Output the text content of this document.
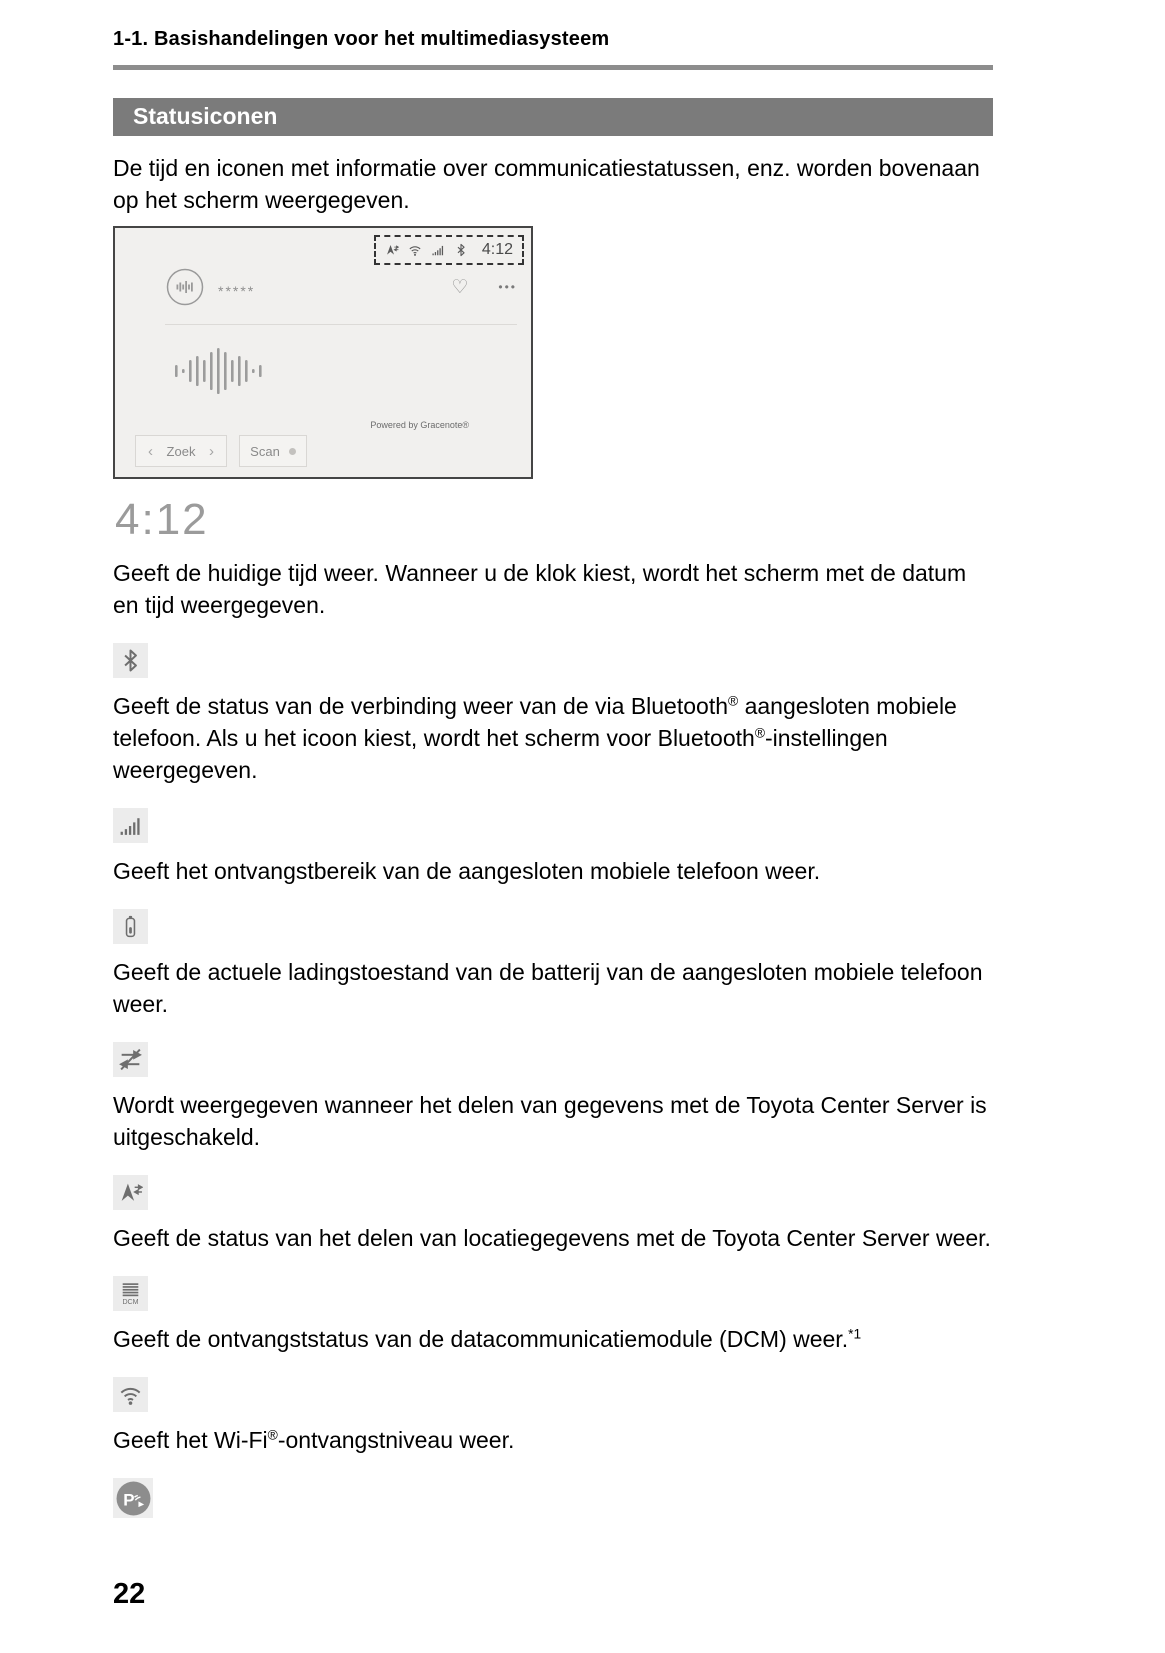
1-1. Basishandelingen voor het multimediasysteem
Statusiconen

De tijd en iconen met informatie over communicatiestatussen, enz. worden bovenaan op het scherm weergegeven.

4:12
*****	♡	•••
Powered by Gracenote®
‹ Zoek ›	Scan
4:12

Geeft de huidige tijd weer. Wanneer u de klok kiest, wordt het scherm met de datum en tijd weergegeven.

Geeft de status van de verbinding weer van de via Bluetooth® aangesloten mobiele telefoon. Als u het icoon kiest, wordt het scherm voor Bluetooth®-instellingen weergegeven.

Geeft het ontvangstbereik van de aangesloten mobiele telefoon weer.

Geeft de actuele ladingstoestand van de batterij van de aangesloten mobiele telefoon weer.

Wordt weergegeven wanneer het delen van gegevens met de Toyota Center Server is uitgeschakeld.

Geeft de status van het delen van locatiegegevens met de Toyota Center Server weer.

Geeft de ontvangststatus van de datacommunicatiemodule (DCM) weer.$^{*1}$

Geeft het Wi-Fi®-ontvangstniveau weer.

22
